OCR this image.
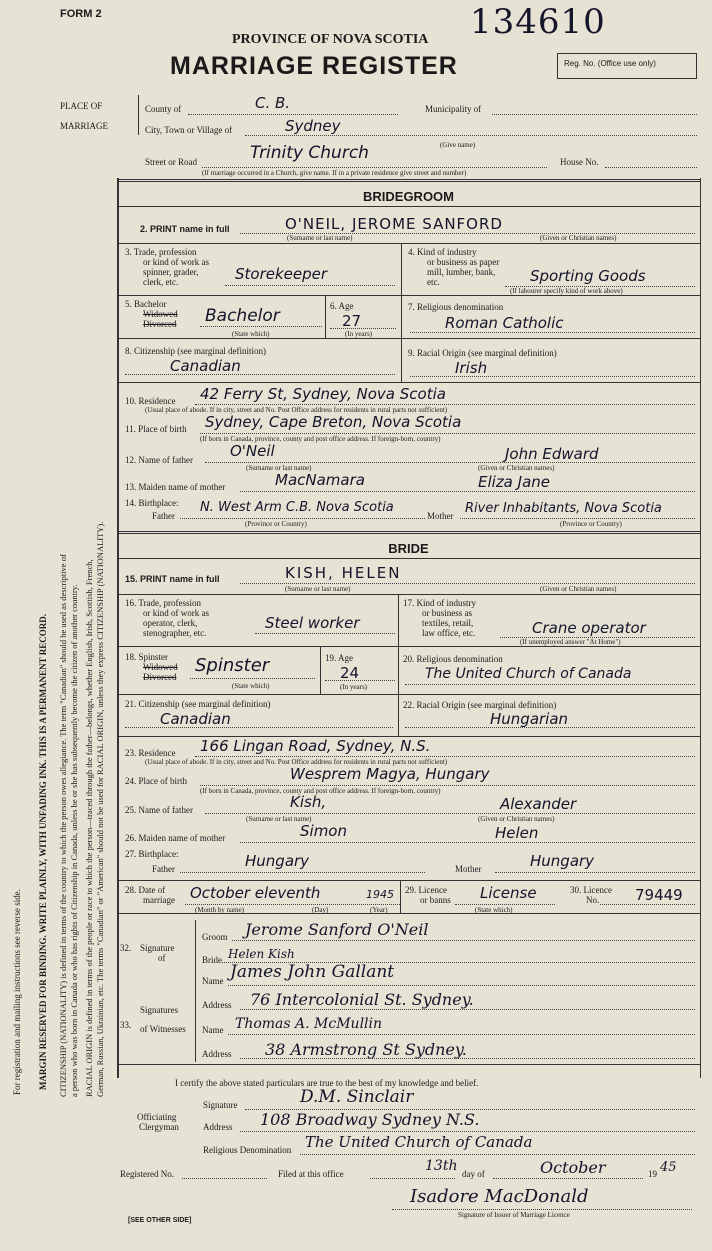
For registration and mailing instructions see reverse side. MARGIN RESERVED FOR BINDING. WRITE PLAINLY, WITH UNFADING INK. THIS IS A PERMANENT RECORD. CITIZENSHIP (NATIONALITY) is defined in terms of the country to which the person owes allegiance. The term "Canadian" should be used as descriptive of a person who was born in Canada or who has rights of Citizenship in Canada, unless he or she has subsequently become the citizen of another country. RACIAL ORIGIN is defined in terms of the people or race to which the person—traced through the father—belongs, whether English, Irish, Scottish, French, German, Russian, Ukrainian, etc. The terms "Canadian" or "American" should not be used for RACIAL ORIGIN, unless they express CITIZENSHIP (NATIONALITY).
FORM 2	134610
PROVINCE OF NOVA SCOTIA
MARRIAGE REGISTER	Reg. No. (Office use only)
PLACE OF
MARRIAGE
County of	C. B.	Municipality of
City, Town or Village of	Sydney
Street or Road	Trinity Church	(Give name)
House No.
(If marriage occurred in a Church, give name. If in a private residence give street and number)
BRIDEGROOM
2. PRINT name in full	O'NEIL, JEROME SANFORD
(Surname or last name)	(Given or Christian names)
3. Trade, profession
or kind of work as
spinner, grader,
clerk, etc.	Storekeeper
4. Kind of industry
or business as paper
mill, lumber, bank,
etc.	Sporting Goods
(If labourer specify kind of work above)
5. Bachelor
Widowed
Divorced Bachelor
(State which)
6. Age
27
(In years)
7. Religious denomination
Roman Catholic
8. Citizenship (see marginal definition)
Canadian
9. Racial Origin (see marginal definition)
Irish
10. Residence 42 Ferry St, Sydney, Nova Scotia
(Usual place of abode. If in city, street and No. Post Office address for residents in rural parts not sufficient)
11. Place of birth Sydney, Cape Breton, Nova Scotia
(If born in Canada, province, county and post office address. If foreign-born, country)
12. Name of father O'Neil	John Edward
(Surname or last name)	(Given or Christian names)
13. Maiden name of mother	MacNamara	Eliza Jane
14. Birthplace:
Father
N. West Arm C.B. Nova Scotia
(Province or Country)
Mother River Inhabitants, Nova Scotia
(Province or Country)
BRIDE
15. PRINT name in full	KISH, HELEN
(Surname or last name)	(Given or Christian names)
16. Trade, profession
or kind of work as
operator, clerk,
stenographer, etc.
Steel worker
17. Kind of industry
or business as
textiles, retail,
law office, etc.	Crane operator
(If unemployed answer "At Home")
18. Spinster
Widowed
Divorced
Spinster
(State which)
19. Age
24
(In years)
20. Religious denomination
The United Church of Canada
21. Citizenship (see marginal definition)
Canadian
22. Racial Origin (see marginal definition)
Hungarian
23. Residence 166 Lingan Road, Sydney, N.S.
(Usual place of abode. If in city, street and No. Post Office address for residents in rural parts not sufficient)
24. Place of birth	Wesprem Magya, Hungary
(If born in Canada, province, county and post office address. If foreign-born, country)
25. Name of father	Kish,	Alexander
(Surname or last name)	(Given or Christian names)
26. Maiden name of mother	Simon	Helen
27. Birthplace:
Father	Hungary	Mother	Hungary
28. Date of
marriage October eleventh	1945
(Month by name)	(Day)	(Year)
29. Licence
or banns License
(State which)
30. Licence
No. 79449
32. Signature
of
Groom Jerome Sanford O'Neil
Bride Helen Kish
33.
Signatures
of Witnesses
Name James John Gallant
Address 76 Intercolonial St. Sydney.
Name Thomas A. McMullin
Address 38 Armstrong St Sydney.
I certify the above stated particulars are true to the best of my knowledge and belief.
Officiating
Clergyman
Signature	D.M. Sinclair
Address 108 Broadway Sydney N.S.
Religious Denomination The United Church of Canada
Registered No.	Filed at this office	13th day of	October	19 45
Isadore MacDonald
Signature of Issuer of Marriage Licence
[SEE OTHER SIDE]
